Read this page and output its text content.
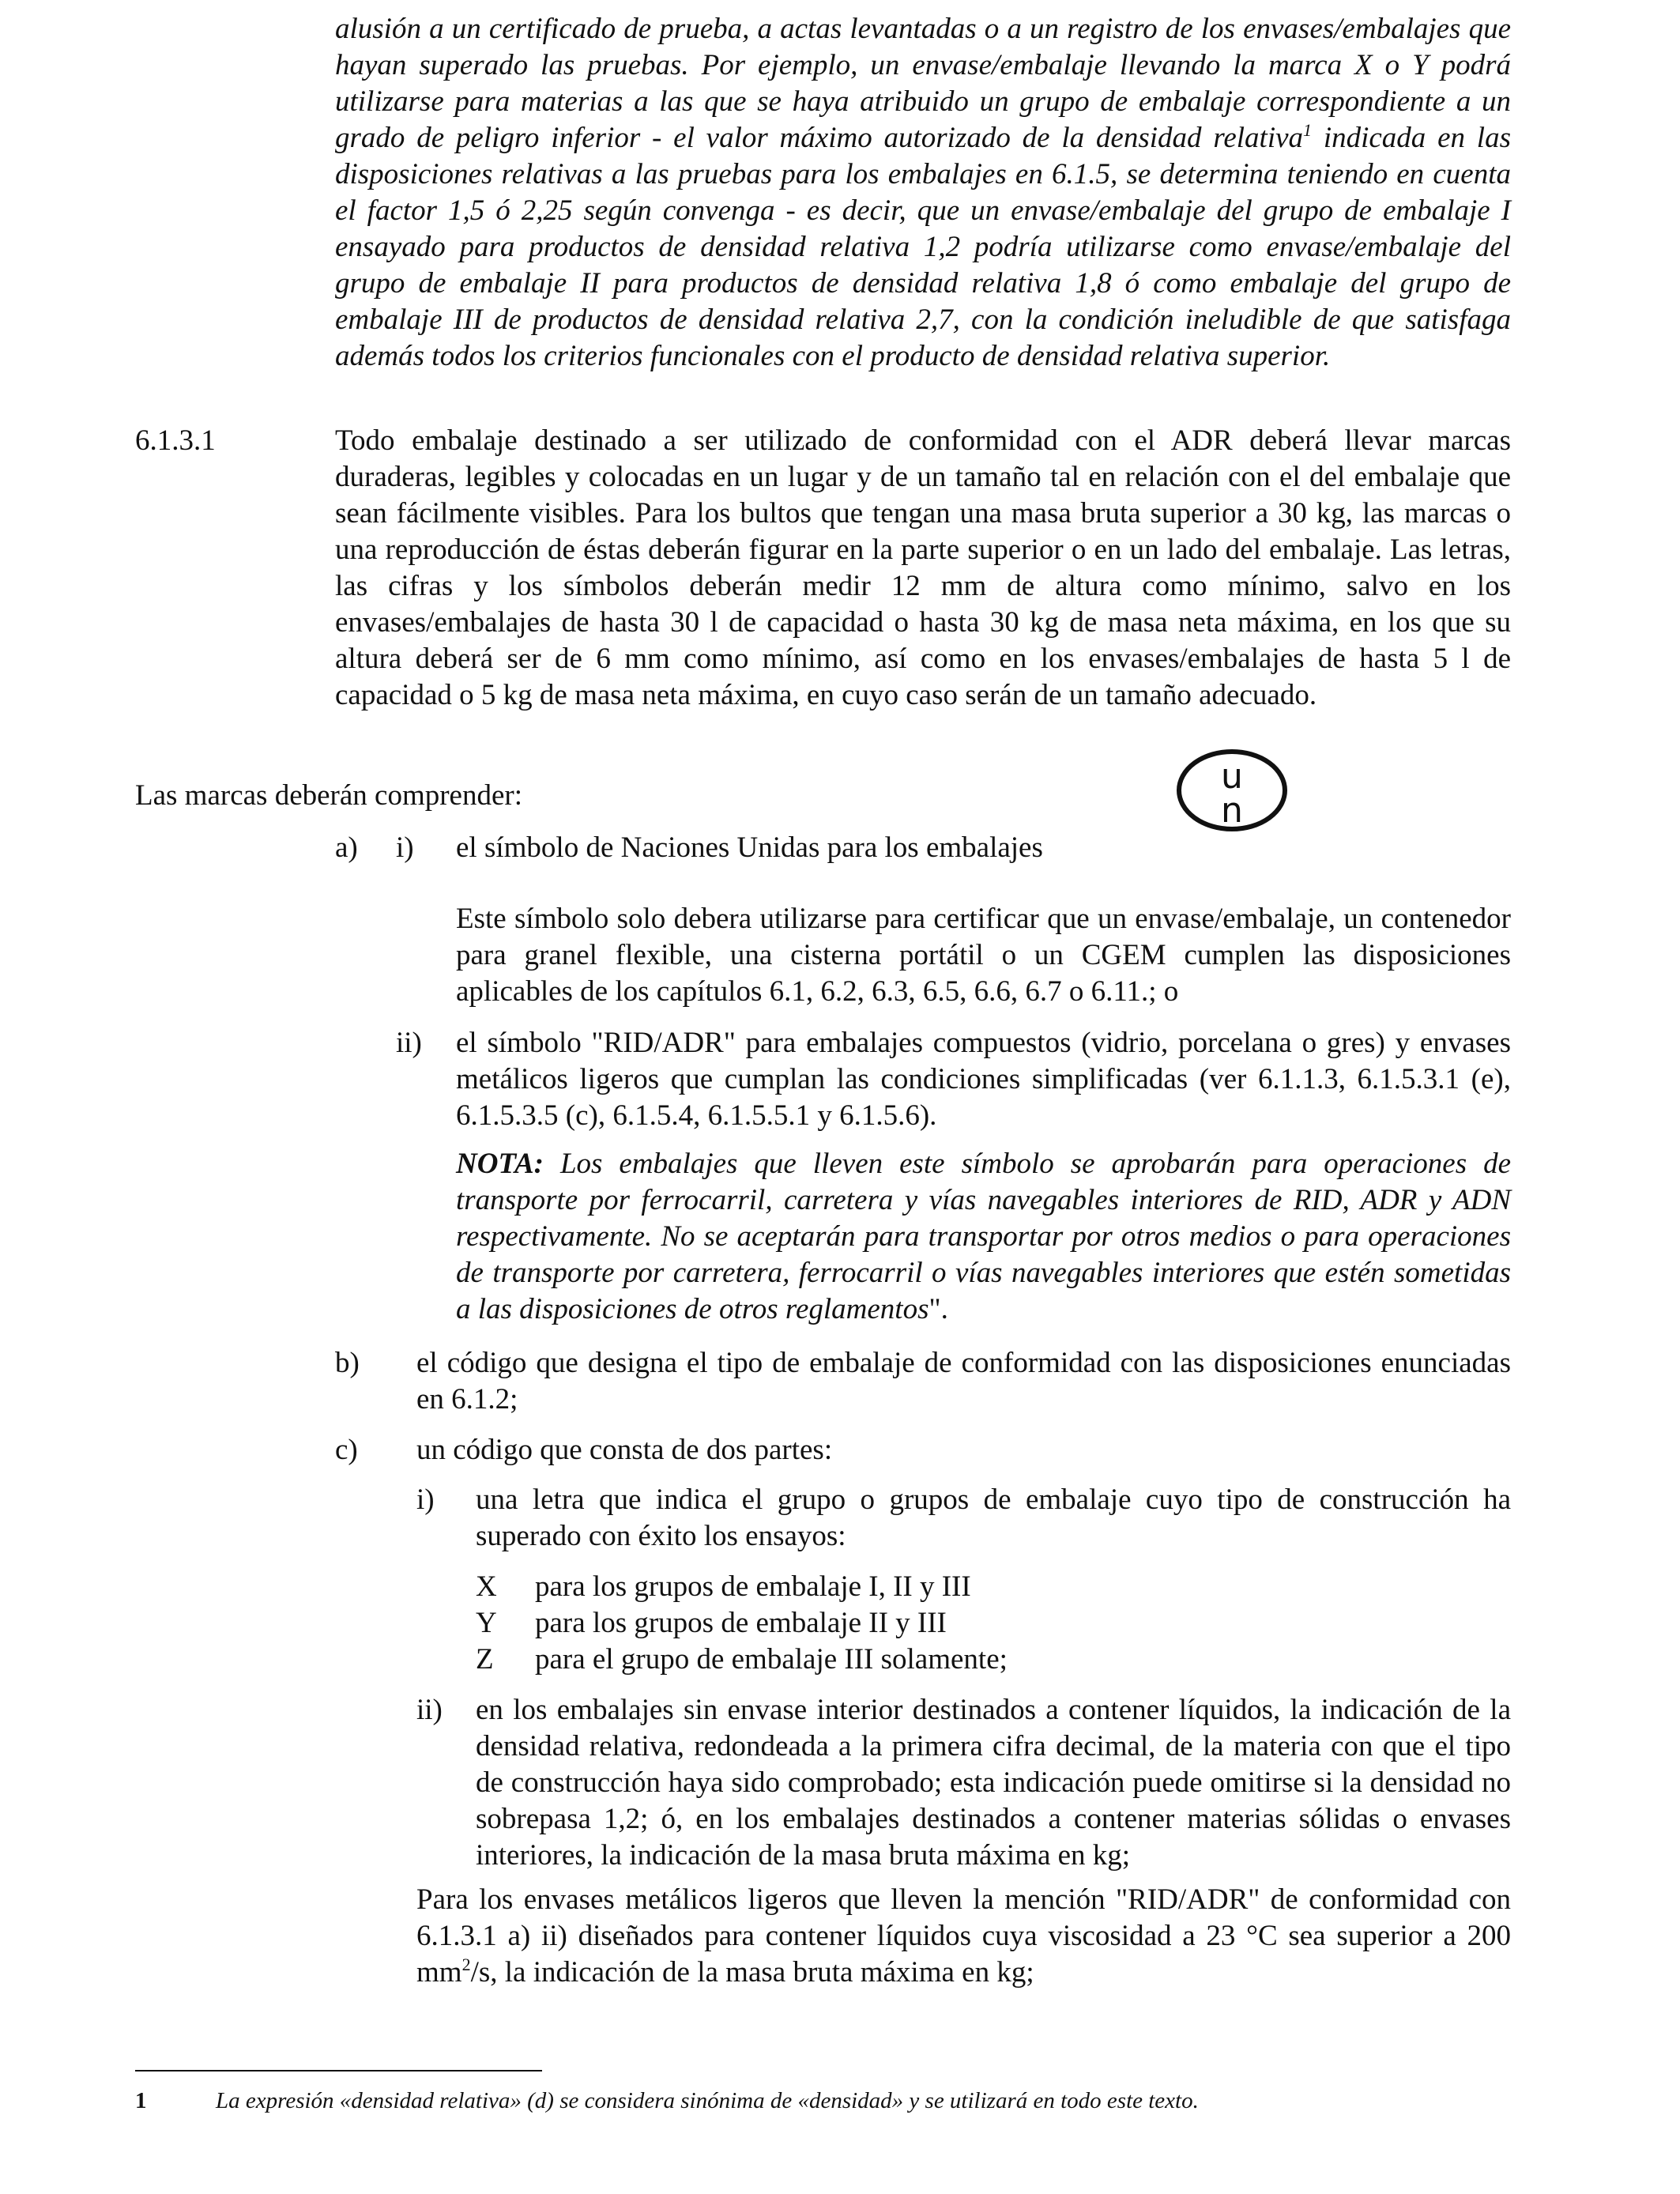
alusión a un certificado de prueba, a actas levantadas o a un registro de los envases/embalajes que hayan superado las pruebas. Por ejemplo, un envase/embalaje llevando la marca X o Y podrá utilizarse para materias a las que se haya atribuido un grupo de embalaje correspondiente a un grado de peligro inferior - el valor máximo autorizado de la densidad relativa$^1$ indicada en las disposiciones relativas a las pruebas para los embalajes en 6.1.5, se determina teniendo en cuenta el factor 1,5 ó 2,25 según convenga - es decir, que un envase/embalaje del grupo de embalaje I ensayado para productos de densidad relativa 1,2 podría utilizarse como envase/embalaje del grupo de embalaje II para productos de densidad relativa 1,8 ó como embalaje del grupo de embalaje III de productos de densidad relativa 2,7, con la condición ineludible de que satisfaga además todos los criterios funcionales con el producto de densidad relativa superior.
6.1.3.1	Todo embalaje destinado a ser utilizado de conformidad con el ADR deberá llevar marcas duraderas, legibles y colocadas en un lugar y de un tamaño tal en relación con el del embalaje que sean fácilmente visibles. Para los bultos que tengan una masa bruta superior a 30 kg, las marcas o una reproducción de éstas deberán figurar en la parte superior o en un lado del embalaje. Las letras, las cifras y los símbolos deberán medir 12 mm de altura como mínimo, salvo en los envases/embalajes de hasta 30 l de capacidad o hasta 30 kg de masa neta máxima, en los que su altura deberá ser de 6 mm como mínimo, así como en los envases/embalajes de hasta 5 l de capacidad o 5 kg de masa neta máxima, en cuyo caso serán de un tamaño adecuado.
Las marcas deberán comprender:	u
n
a) i) el símbolo de Naciones Unidas para los embalajes
Este símbolo solo debera utilizarse para certificar que un envase/embalaje, un contenedor para granel flexible, una cisterna portátil o un CGEM cumplen las disposiciones aplicables de los capítulos 6.1, 6.2, 6.3, 6.5, 6.6, 6.7 o 6.11.; o
ii) el símbolo "RID/ADR" para embalajes compuestos (vidrio, porcelana o gres) y envases metálicos ligeros que cumplan las condiciones simplificadas (ver 6.1.1.3, 6.1.5.3.1 (e), 6.1.5.3.5 (c), 6.1.5.4, 6.1.5.5.1 y 6.1.5.6).
NOTA: Los embalajes que lleven este símbolo se aprobarán para operaciones de transporte por ferrocarril, carretera y vías navegables interiores de RID, ADR y ADN respectivamente. No se aceptarán para transportar por otros medios o para operaciones de transporte por carretera, ferrocarril o vías navegables interiores que estén sometidas a las disposiciones de otros reglamentos".
b) el código que designa el tipo de embalaje de conformidad con las disposiciones enunciadas en 6.1.2;
c) un código que consta de dos partes:
i) una letra que indica el grupo o grupos de embalaje cuyo tipo de construcción ha superado con éxito los ensayos:
X para los grupos de embalaje I, II y III
Y para los grupos de embalaje II y III
Z para el grupo de embalaje III solamente;
ii) en los embalajes sin envase interior destinados a contener líquidos, la indicación de la densidad relativa, redondeada a la primera cifra decimal, de la materia con que el tipo de construcción haya sido comprobado; esta indicación puede omitirse si la densidad no sobrepasa 1,2; ó, en los embalajes destinados a contener materias sólidas o envases interiores, la indicación de la masa bruta máxima en kg;
Para los envases metálicos ligeros que lleven la mención "RID/ADR" de conformidad con 6.1.3.1 a) ii) diseñados para contener líquidos cuya viscosidad a 23 °C sea superior a 200 $mm^2/s$, la indicación de la masa bruta máxima en kg;
1	La expresión «densidad relativa» (d) se considera sinónima de «densidad» y se utilizará en todo este texto.
